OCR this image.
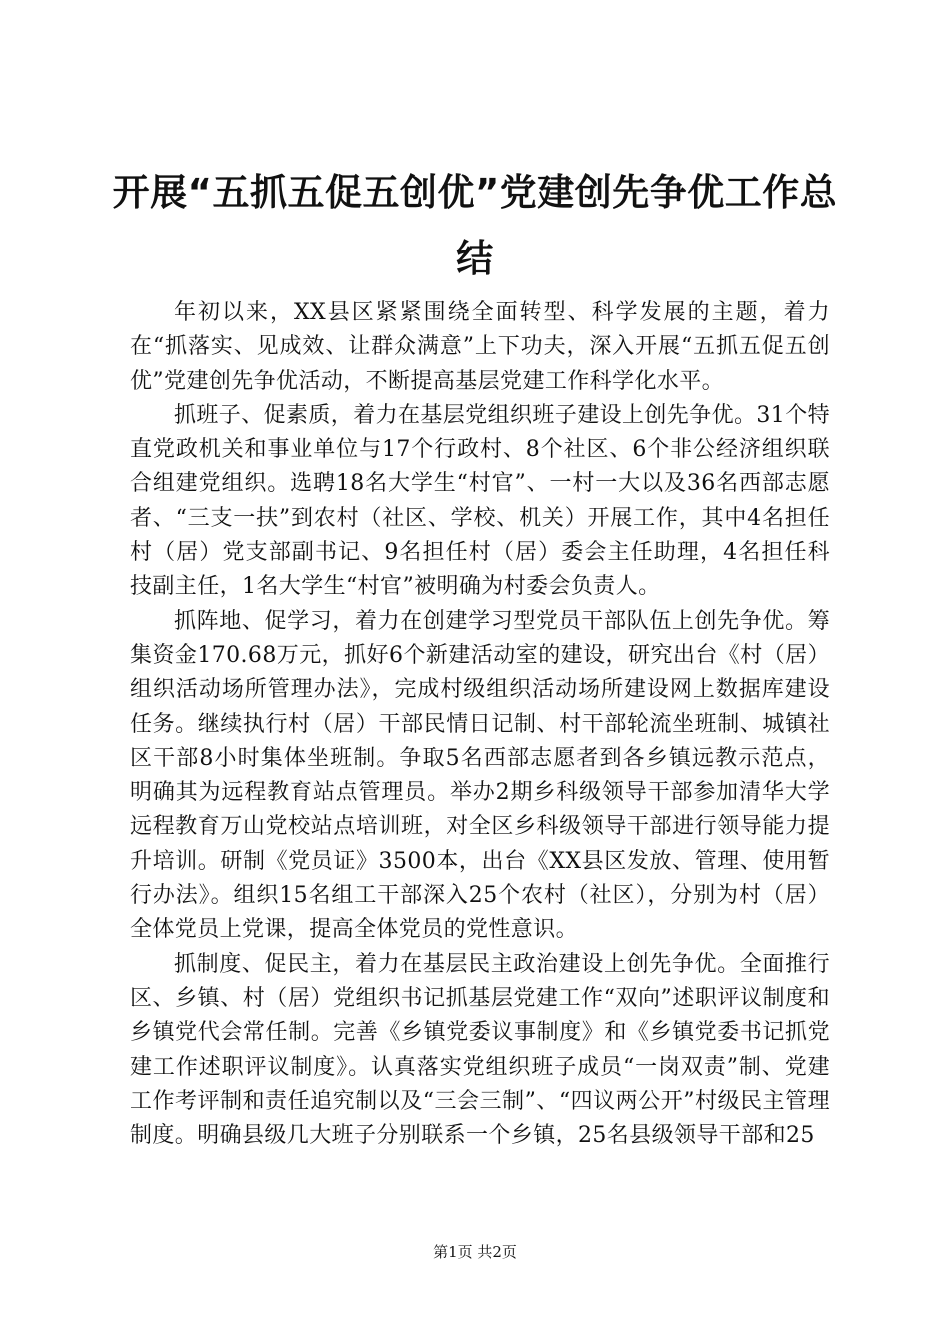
开展“五抓五促五创优”党建创先争优工作总结

年初以来，XX县区紧紧围绕全面转型、科学发展的主题，着力在“抓落实、见成效、让群众满意”上下功夫，深入开展“五抓五促五创优”党建创先争优活动，不断提高基层党建工作科学化水平。

抓班子、促素质，着力在基层党组织班子建设上创先争优。31个特直党政机关和事业单位与17个行政村、8个社区、6个非公经济组织联合组建党组织。选聘18名大学生“村官”、一村一大以及36名西部志愿者、“三支一扶”到农村（社区、学校、机关）开展工作，其中4名担任村（居）党支部副书记、9名担任村（居）委会主任助理，4名担任科技副主任，1名大学生“村官”被明确为村委会负责人。

抓阵地、促学习，着力在创建学习型党员干部队伍上创先争优。筹集资金170.68万元，抓好6个新建活动室的建设，研究出台《村（居）组织活动场所管理办法》，完成村级组织活动场所建设网上数据库建设任务。继续执行村（居）干部民情日记制、村干部轮流坐班制、城镇社区干部8小时集体坐班制。争取5名西部志愿者到各乡镇远教示范点，明确其为远程教育站点管理员。举办2期乡科级领导干部参加清华大学远程教育万山党校站点培训班，对全区乡科级领导干部进行领导能力提升培训。研制《党员证》3500本，出台《XX县区发放、管理、使用暂行办法》。组织15名组工干部深入25个农村（社区），分别为村（居）全体党员上党课，提高全体党员的党性意识。

抓制度、促民主，着力在基层民主政治建设上创先争优。全面推行区、乡镇、村（居）党组织书记抓基层党建工作“双向”述职评议制度和乡镇党代会常任制。完善《乡镇党委议事制度》和《乡镇党委书记抓党建工作述职评议制度》。认真落实党组织班子成员“一岗双责”制、党建工作考评制和责任追究制以及“三会三制”、“四议两公开”村级民主管理制度。明确县级几大班子分别联系一个乡镇，25名县级领导干部和25

第1页 共2页
